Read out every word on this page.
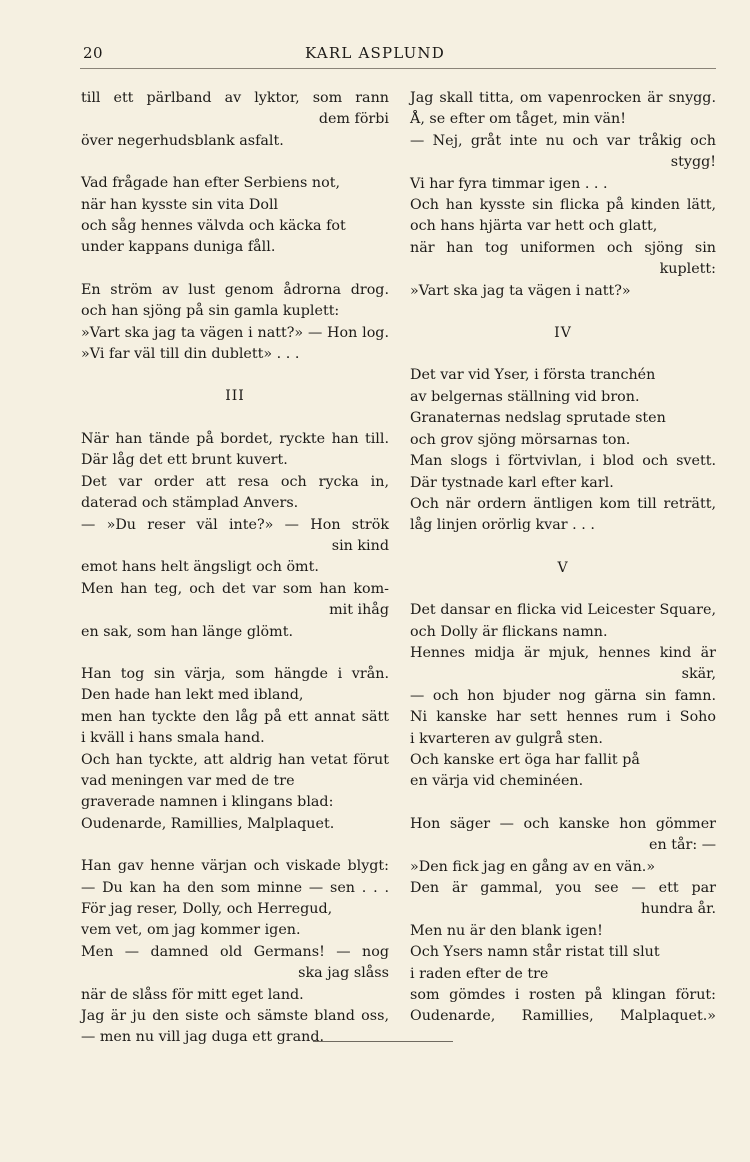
20	KARL ASPLUND
till ett pärlband av lyktor, som rann
dem förbi
över negerhudsblank asfalt.
Vad frågade han efter Serbiens not,
när han kysste sin vita Doll
och såg hennes välvda och käcka fot
under kappans duniga fåll.
En ström av lust genom ådrorna drog.
och han sjöng på sin gamla kuplett:
»Vart ska jag ta vägen i natt?» — Hon log.
»Vi far väl till din dublett» . . .
III
När han tände på bordet, ryckte han till.
Där låg det ett brunt kuvert.
Det var order att resa och rycka in,
daterad och stämplad Anvers.
— »Du reser väl inte?» — Hon strök
sin kind
emot hans helt ängsligt och ömt.
Men han teg, och det var som han kom-
mit ihåg
en sak, som han länge glömt.
Han tog sin värja, som hängde i vrån.
Den hade han lekt med ibland,
men han tyckte den låg på ett annat sätt
i kväll i hans smala hand.
Och han tyckte, att aldrig han vetat förut
vad meningen var med de tre
graverade namnen i klingans blad:
Oudenarde, Ramillies, Malplaquet.
Han gav henne värjan och viskade blygt:
— Du kan ha den som minne — sen . . .
För jag reser, Dolly, och Herregud,
vem vet, om jag kommer igen.
Men — damned old Germans! — nog
ska jag slåss
när de slåss för mitt eget land.
Jag är ju den siste och sämste bland oss,
— men nu vill jag duga ett grand.
Jag skall titta, om vapenrocken är snygg.
Å, se efter om tåget, min vän!
— Nej, gråt inte nu och var tråkig och
stygg!
Vi har fyra timmar igen . . .
Och han kysste sin flicka på kinden lätt,
och hans hjärta var hett och glatt,
när han tog uniformen och sjöng sin
kuplett:
»Vart ska jag ta vägen i natt?»
IV
Det var vid Yser, i första tranchén
av belgernas ställning vid bron.
Granaternas nedslag sprutade sten
och grov sjöng mörsarnas ton.
Man slogs i förtvivlan, i blod och svett.
Där tystnade karl efter karl.
Och när ordern äntligen kom till reträtt,
låg linjen orörlig kvar . . .
V
Det dansar en flicka vid Leicester Square,
och Dolly är flickans namn.
Hennes midja är mjuk, hennes kind är
skär,
— och hon bjuder nog gärna sin famn.
Ni kanske har sett hennes rum i Soho
i kvarteren av gulgrå sten.
Och kanske ert öga har fallit på
en värja vid cheminéen.
Hon säger — och kanske hon gömmer
en tår: —
»Den fick jag en gång av en vän.»
Den är gammal, you see — ett par
hundra år.
Men nu är den blank igen!
Och Ysers namn står ristat till slut
i raden efter de tre
som gömdes i rosten på klingan förut:
Oudenarde, Ramillies, Malplaquet.»
